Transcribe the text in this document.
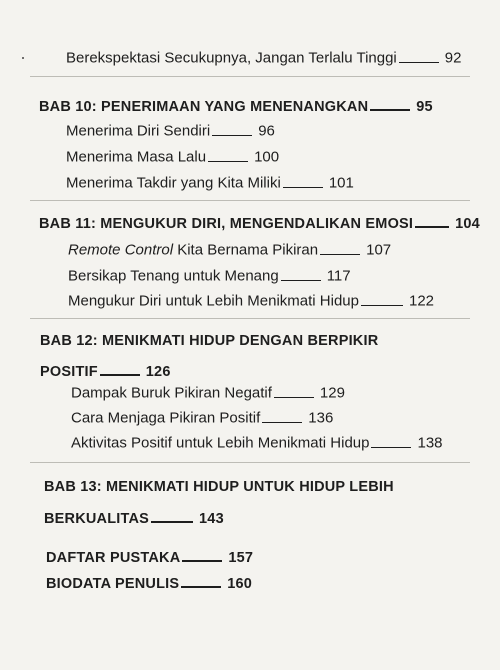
Berekspektasi Secukupnya, Jangan Terlalu Tinggi	92
BAB 10: PENERIMAAN YANG MENENANGKAN	95
Menerima Diri Sendiri	96
Menerima Masa Lalu	100
Menerima Takdir yang Kita Miliki	101
BAB 11: MENGUKUR DIRI, MENGENDALIKAN EMOSI	104
Remote Control Kita Bernama Pikiran	107
Bersikap Tenang untuk Menang	117
Mengukur Diri untuk Lebih Menikmati Hidup	122
BAB 12: MENIKMATI HIDUP DENGAN BERPIKIR
POSITIF	126
Dampak Buruk Pikiran Negatif	129
Cara Menjaga Pikiran Positif	136
Aktivitas Positif untuk Lebih Menikmati Hidup	138
BAB 13: MENIKMATI HIDUP UNTUK HIDUP LEBIH
BERKUALITAS	143
DAFTAR PUSTAKA	157
BIODATA PENULIS	160
